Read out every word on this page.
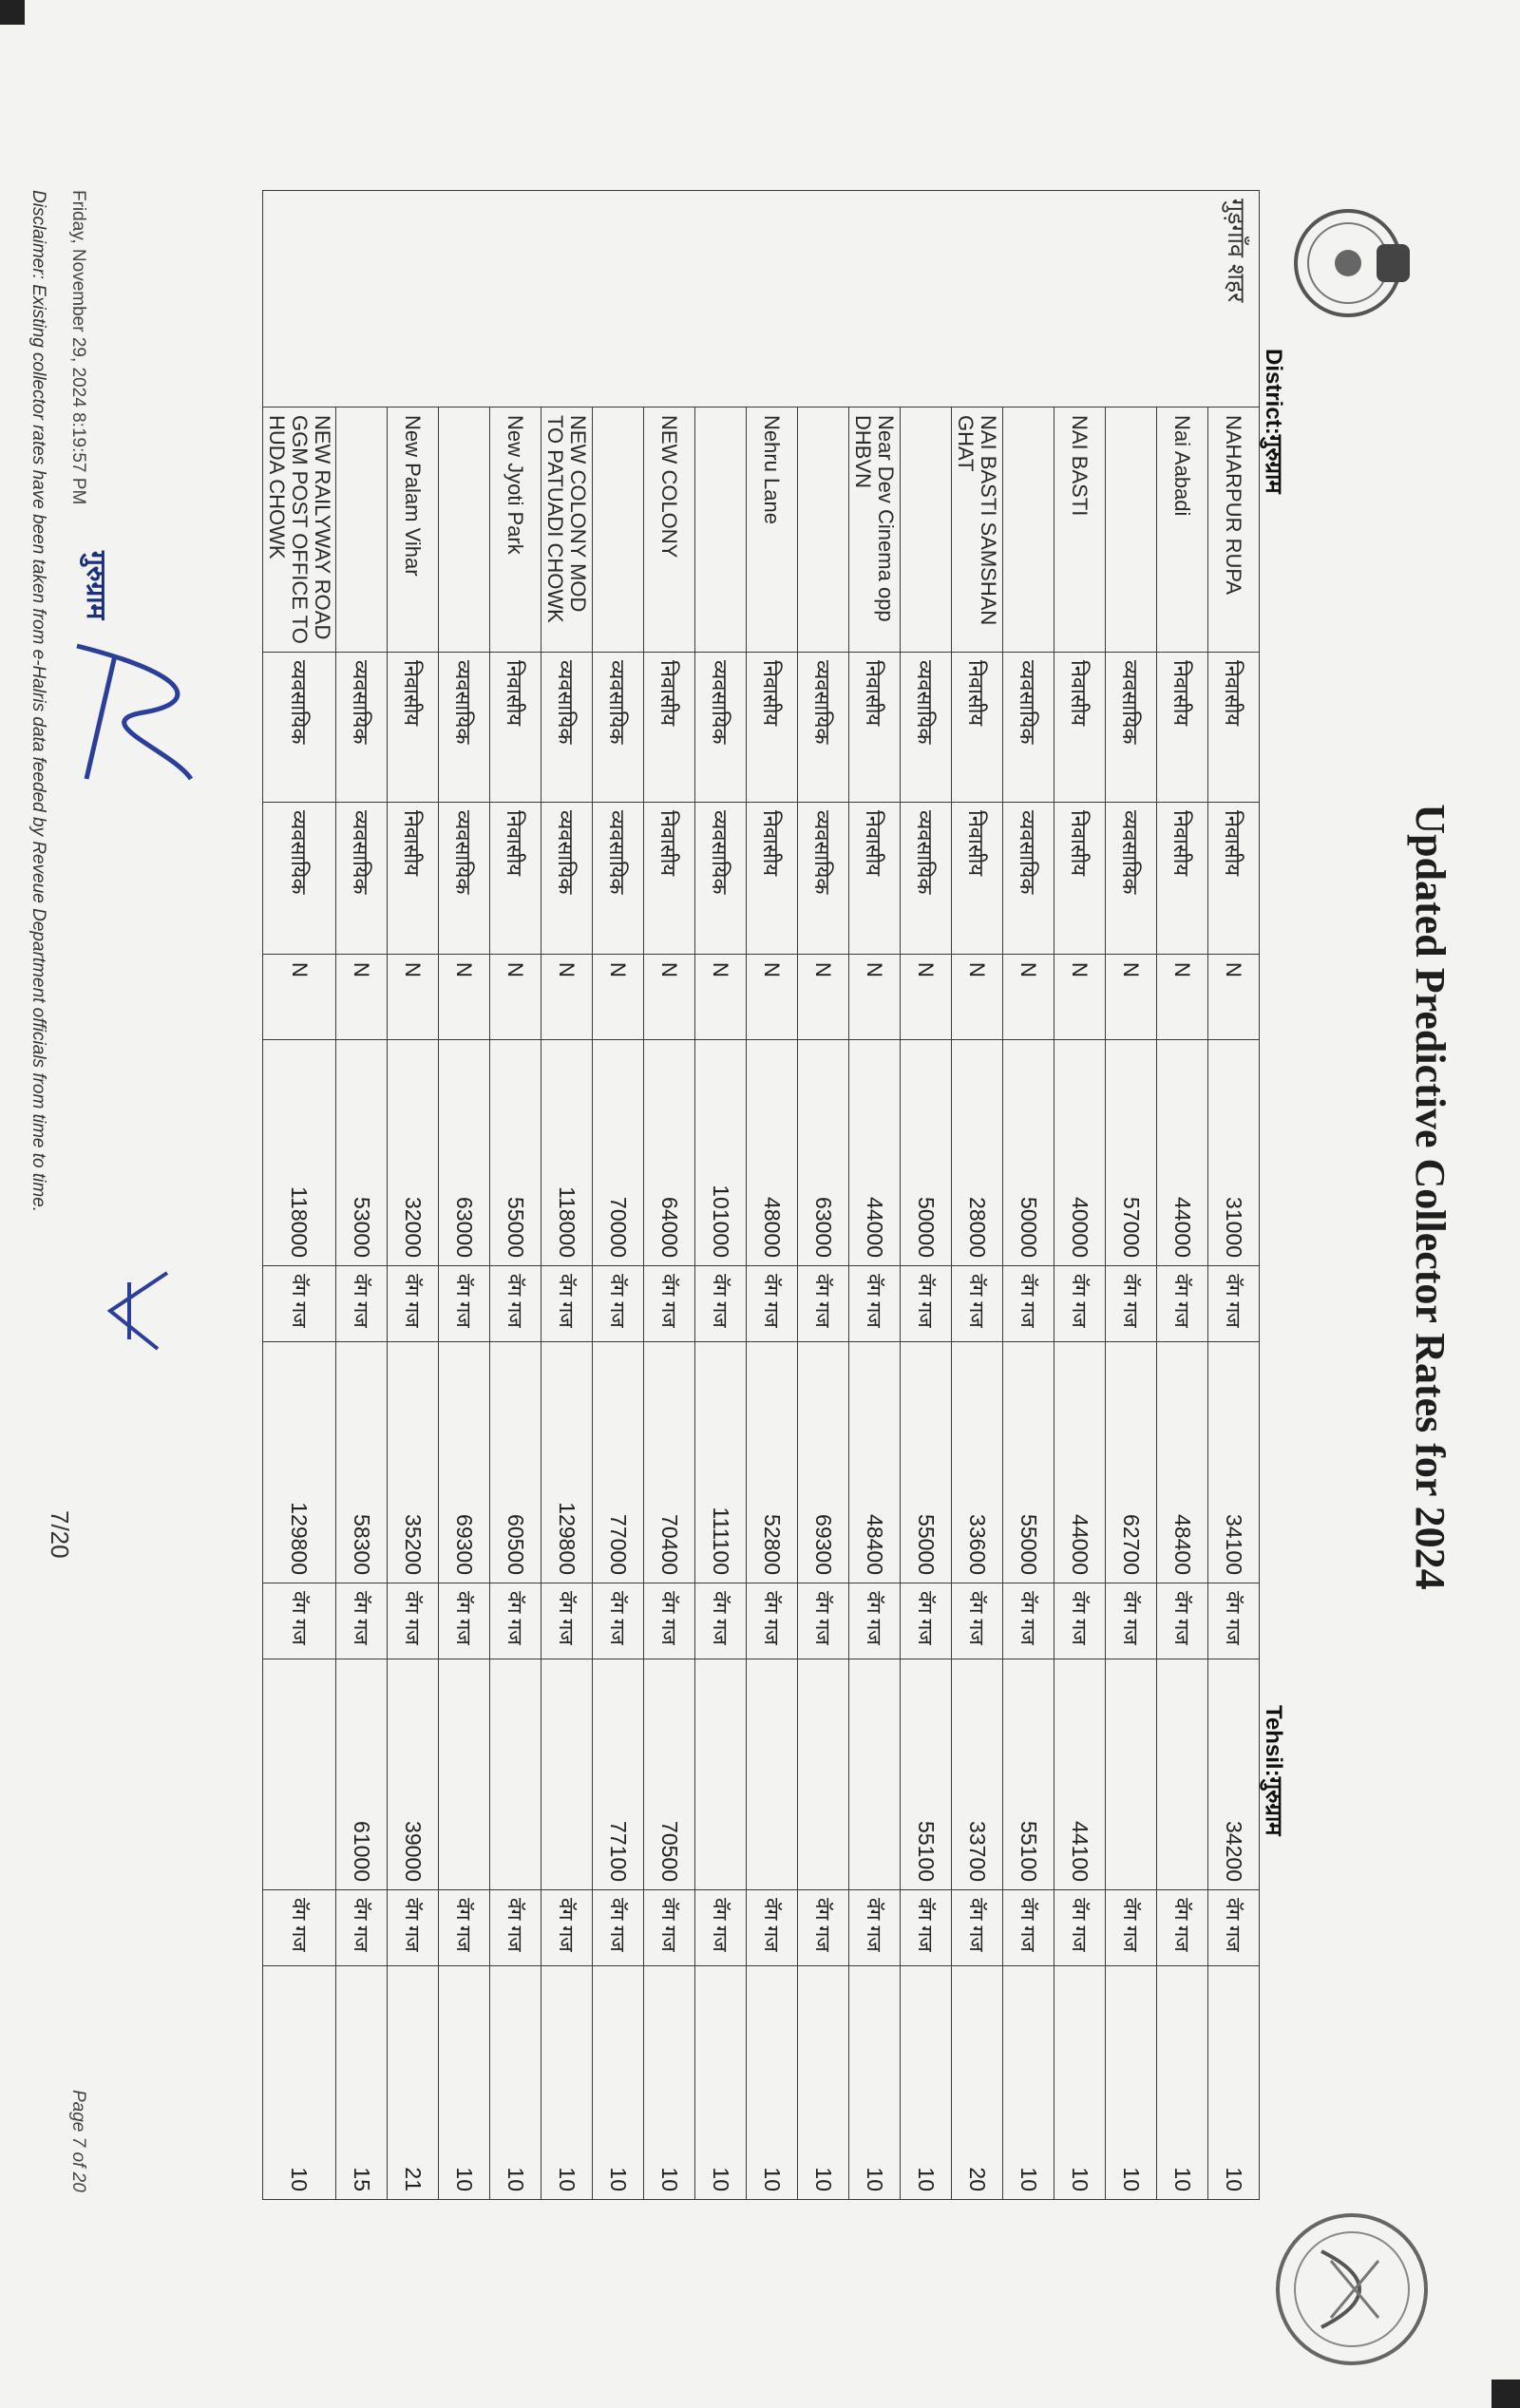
Updated Predictive Collector Rates for 2024
District:गुरुग्राम
Tehsil:गुरुग्राम
गुड़गाँव शहर	NAHARPUR RUPA	निवासीय	निवासीय	N	31000	वॅग गज	34100	वॅग गज	34200	वॅग गज	10
	Nai Aabadi	निवासीय	निवासीय	N	44000	वॅग गज	48400	वॅग गज		वॅग गज	10
		व्यवसायिक	व्यवसायिक	N	57000	वॅग गज	62700	वॅग गज		वॅग गज	10
	NAI BASTI	निवासीय	निवासीय	N	40000	वॅग गज	44000	वॅग गज	44100	वॅग गज	10
		व्यवसायिक	व्यवसायिक	N	50000	वॅग गज	55000	वॅग गज	55100	वॅग गज	10
	NAI BASTI SAMSHAN GHAT	निवासीय	निवासीय	N	28000	वॅग गज	33600	वॅग गज	33700	वॅग गज	20
		व्यवसायिक	व्यवसायिक	N	50000	वॅग गज	55000	वॅग गज	55100	वॅग गज	10
	Near Dev Cinema opp DHBVN	निवासीय	निवासीय	N	44000	वॅग गज	48400	वॅग गज		वॅग गज	10
		व्यवसायिक	व्यवसायिक	N	63000	वॅग गज	69300	वॅग गज		वॅग गज	10
	Nehru Lane	निवासीय	निवासीय	N	48000	वॅग गज	52800	वॅग गज		वॅग गज	10
		व्यवसायिक	व्यवसायिक	N	101000	वॅग गज	111100	वॅग गज		वॅग गज	10
	NEW COLONY	निवासीय	निवासीय	N	64000	वॅग गज	70400	वॅग गज	70500	वॅग गज	10
		व्यवसायिक	व्यवसायिक	N	70000	वॅग गज	77000	वॅग गज	77100	वॅग गज	10
	NEW COLONY MOD TO PATUADI CHOWK	व्यवसायिक	व्यवसायिक	N	118000	वॅग गज	129800	वॅग गज		वॅग गज	10
	New Jyoti Park	निवासीय	निवासीय	N	55000	वॅग गज	60500	वॅग गज		वॅग गज	10
		व्यवसायिक	व्यवसायिक	N	63000	वॅग गज	69300	वॅग गज		वॅग गज	10
	New Palam Vihar	निवासीय	निवासीय	N	32000	वॅग गज	35200	वॅग गज	39000	वॅग गज	21
		व्यवसायिक	व्यवसायिक	N	53000	वॅग गज	58300	वॅग गज	61000	वॅग गज	15
	NEW RAILYWAY ROAD GGM POST OFFICE TO HUDA CHOWK	व्यवसायिक	व्यवसायिक	N	118000	वॅग गज	129800	वॅग गज		वॅग गज	10
गुरुग्राम
7/20
Friday, November 29, 2024 8:19:57 PM
Page 7 of 20
Disclaimer: Existing collector rates have been taken from e-Halris data feeded by Reveue Department officials from time to time.
